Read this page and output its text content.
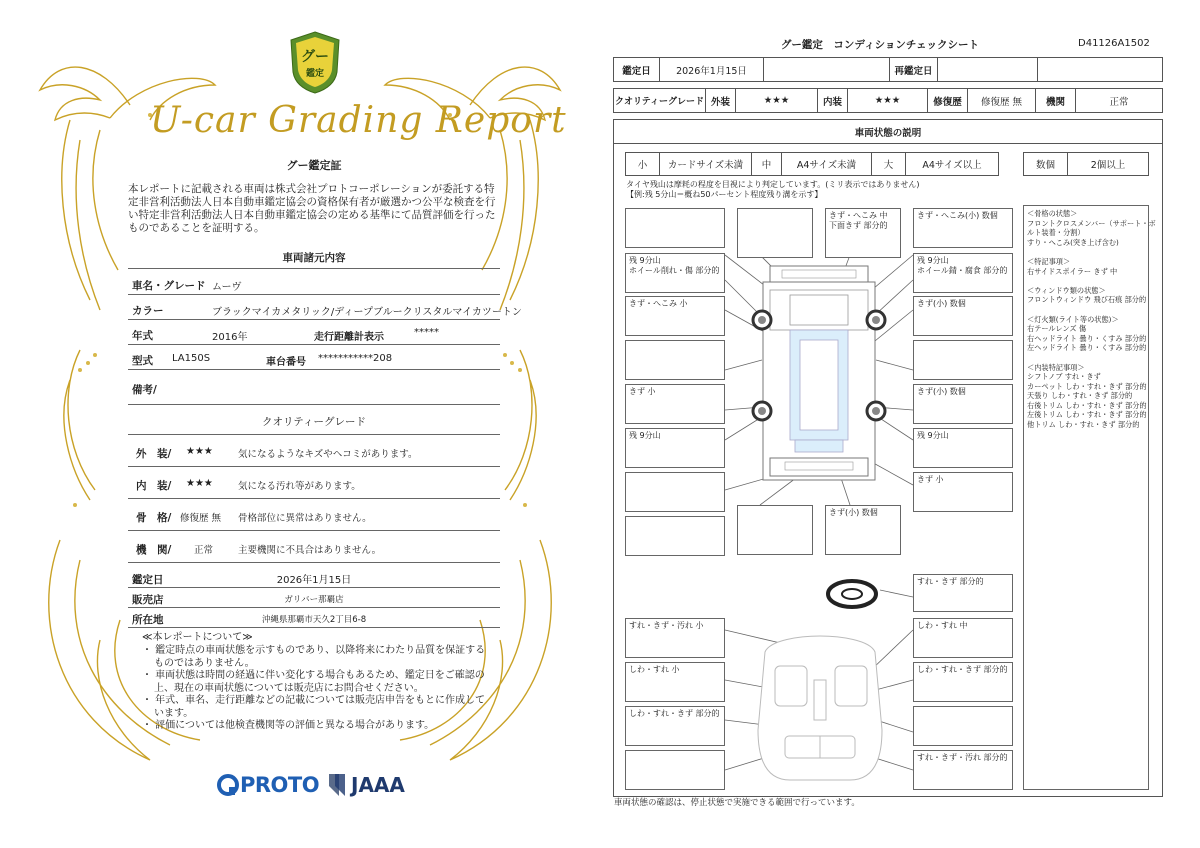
グー
鑑定
U-car Grading Report
グー鑑定証
本レポートに記載される車両は株式会社プロトコーポレーションが委託する特定非営利活動法人日本自動車鑑定協会の資格保有者が厳選かつ公平な検査を行い特定非営利活動法人日本自動車鑑定協会の定める基準にて品質評価を行ったものであることを証明する。
車両諸元内容
車名・グレード ムーヴ
カラー	ブラックマイカメタリック/ディープブルークリスタルマイカツートン
年式	2016年	走行距離計表示	*****
型式 LA150S	車台番号 ***********208
備考/
クオリティーグレード
外　装/ ★★★	気になるようなキズやヘコミがあります。
内　装/ ★★★	気になる汚れ等があります。
骨　格/ 修復歴 無 骨格部位に異常はありません。
機　関/ 正常	主要機関に不具合はありません。
鑑定日	2026年1月15日
販売店	ガリバー那覇店
所在地	沖縄県那覇市天久2丁目6-8
≪本レポートについて≫
・ 鑑定時点の車両状態を示すものであり、以降将来にわたり品質を保証するものではありません。
・ 車両状態は時間の経過に伴い変化する場合もあるため、鑑定日をご確認の上、現在の車両状態については販売店にお問合せください。
・ 年式、車名、走行距離などの記載については販売店申告をもとに作成しています。
・ 評価については他検査機関等の評価と異なる場合があります。
PROTO JAAA
グー鑑定　コンディションチェックシート	D41126A1502
鑑定日	2026年1月15日	再鑑定日
クオリティーグレード 外装	★★★	内装	★★★	修復歴	修復歴 無	機関	正常
車両状態の説明
小	カードサイズ未満	中	A4サイズ未満	大	A4サイズ以上	数個	2個以上
タイヤ残山は摩耗の程度を目視により判定しています。(ミリ表示ではありません)
【例:残 5分山＝概ね50パーセント程度残り溝を示す】
きず・へこみ 中
下面きず 部分的
きず・へこみ(小) 数個
残 9分山
ホイール削れ・傷 部分的
残 9分山
ホイール錆・腐食 部分的
きず・へこみ 小	きず(小) 数個
きず 小	きず(小) 数個
残 9分山	残 9分山
きず 小
きず(小) 数個
＜骨格の状態＞
フロントクロスメンバー（サポート・ボ
ルト装着・分割）
すり・へこみ(突き上げ含む)
＜特記事項＞
右サイドスポイラー きず 中
＜ウィンドウ類の状態＞
フロントウィンドウ 飛び石痕 部分的
＜灯火類(ライト等の状態)＞
右テールレンズ 傷
右ヘッドライト 曇り・くすみ 部分的
左ヘッドライト 曇り・くすみ 部分的
＜内装特記事項＞
シフトノブ すれ・きず
カーペット しわ・すれ・きず 部分的
天張り しわ・すれ・きず 部分的
右後トリム しわ・すれ・きず 部分的
左後トリム しわ・すれ・きず 部分的
他トリム しわ・すれ・きず 部分的
すれ・きず 部分的
すれ・きず・汚れ 小	しわ・すれ 中
しわ・すれ 小	しわ・すれ・きず 部分的
しわ・すれ・きず 部分的
すれ・きず・汚れ 部分的
車両状態の確認は、停止状態で実施できる範囲で行っています。
